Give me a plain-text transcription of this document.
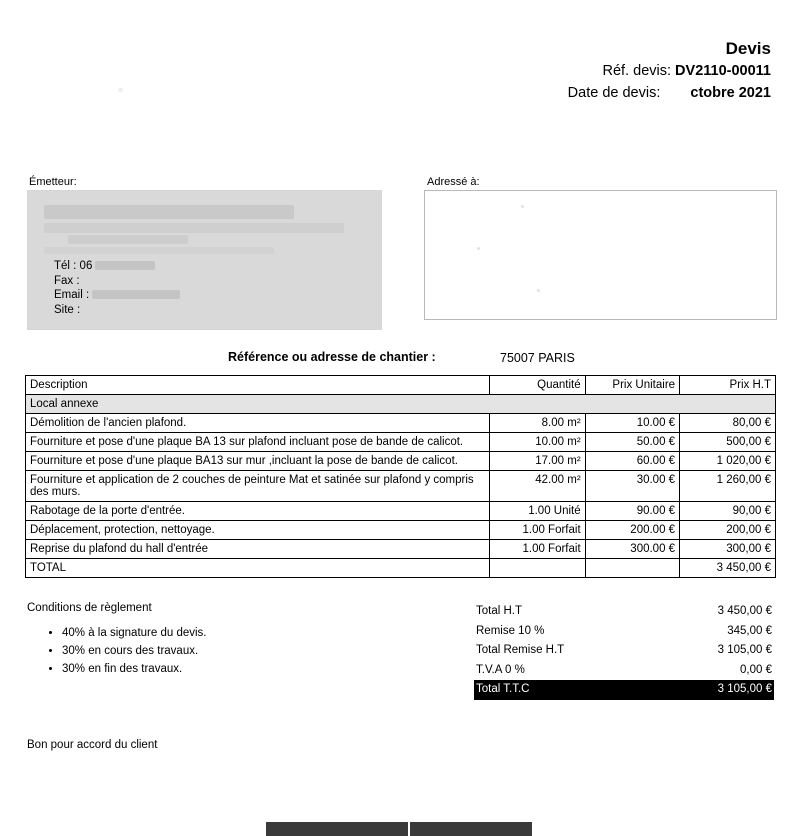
Devis
Réf. devis: DV2110-00011
Date de devis: ctobre 2021
Émetteur:
Tél : 06
Fax :
Email :
Site :
Adressé à:
Référence ou adresse de chantier :	75007 PARIS
Description	Quantité	Prix Unitaire	Prix H.T
Local annexe			
Démolition de l'ancien plafond.	8.00 m²	10.00 €	80,00 €
Fourniture et pose d'une plaque BA 13 sur plafond incluant pose de bande de calicot.	10.00 m²	50.00 €	500,00 €
Fourniture et pose d'une plaque BA13 sur mur ,incluant la pose de bande de calicot.	17.00 m²	60.00 €	1 020,00 €
Fourniture et application de 2 couches de peinture Mat et satinée sur plafond y compris des murs.	42.00 m²	30.00 €	1 260,00 €
Rabotage de la porte d'entrée.	1.00 Unité	90.00 €	90,00 €
Déplacement, protection, nettoyage.	1.00 Forfait	200.00 €	200,00 €
Reprise du plafond du hall d'entrée	1.00 Forfait	300.00 €	300,00 €
TOTAL			3 450,00 €
Conditions de règlement
• 40% à la signature du devis.
• 30% en cours des travaux.
• 30% en fin des travaux.
Total H.T	3 450,00 €
Remise 10 %	345,00 €
Total Remise H.T	3 105,00 €
T.V.A 0 %	0,00 €
Total T.T.C	3 105,00 €
Bon pour accord du client
